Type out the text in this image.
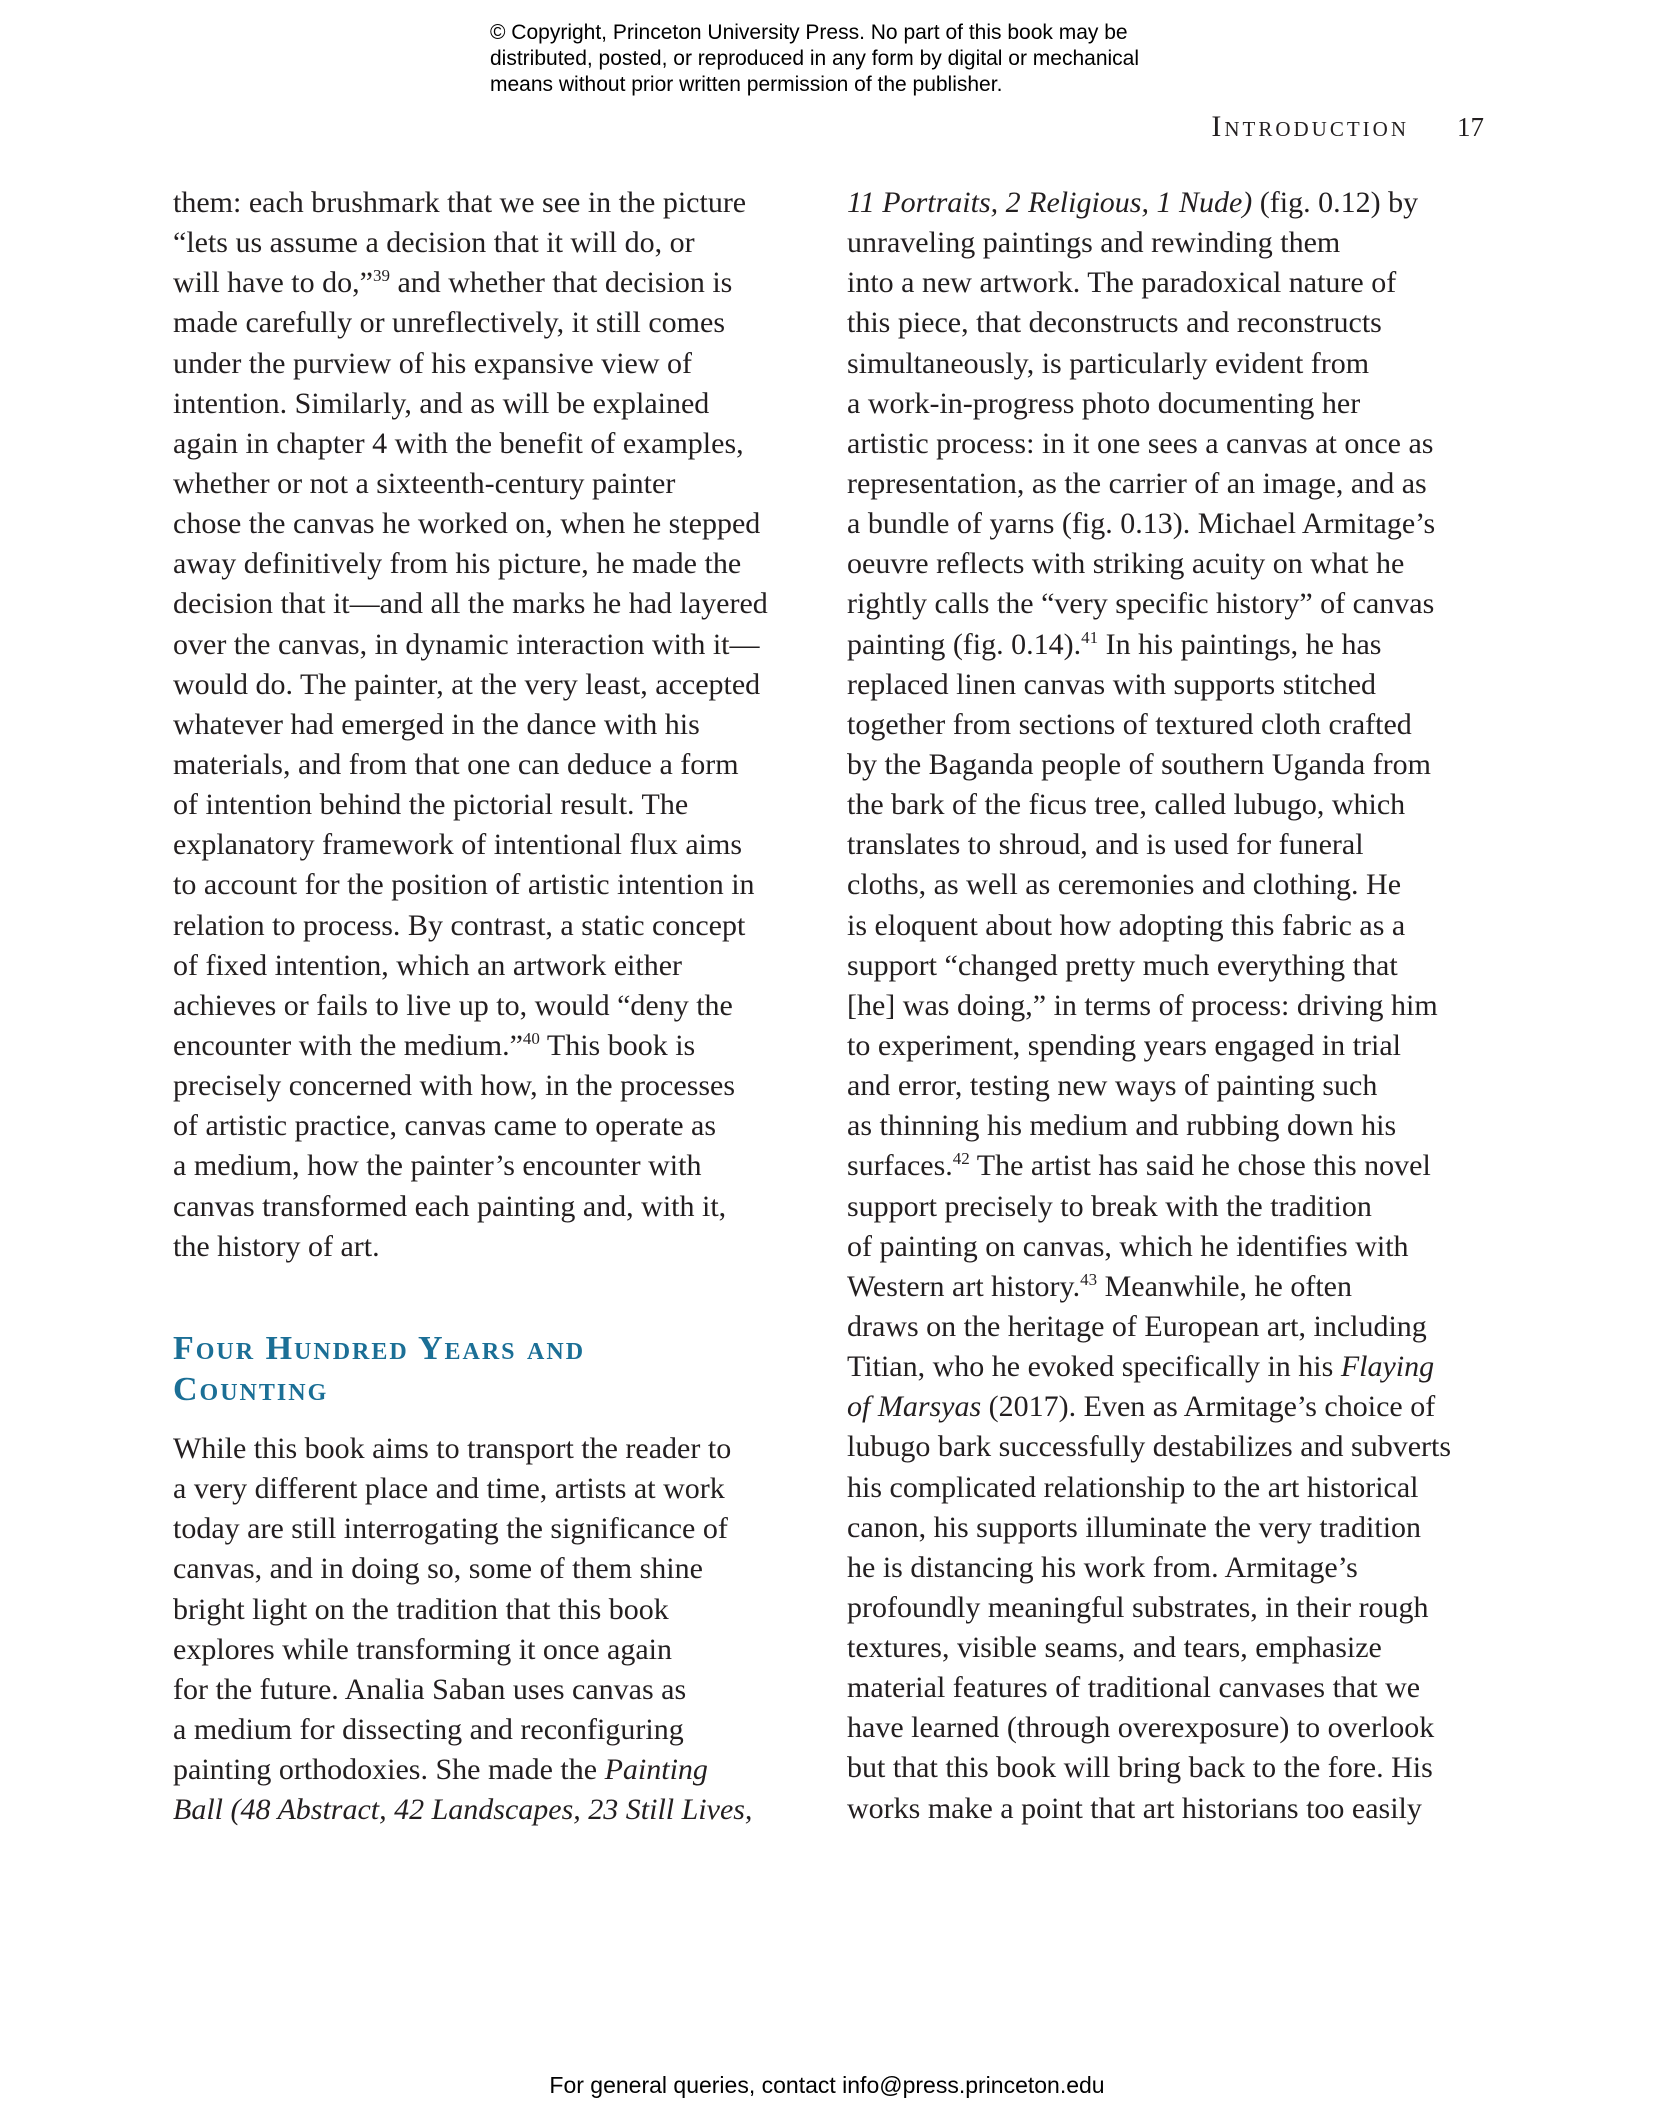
© Copyright, Princeton University Press. No part of this book may be
distributed, posted, or reproduced in any form by digital or mechanical
means without prior written permission of the publisher.
Introduction 17
them: each brushmark that we see in the picture
“lets us assume a decision that it will do, or
will have to do,”$^{39}$ and whether that decision is
made carefully or unreflectively, it still comes
under the purview of his expansive view of
intention. Similarly, and as will be explained
again in chapter 4 with the benefit of examples,
whether or not a sixteenth-century painter
chose the canvas he worked on, when he stepped
away definitively from his picture, he made the
decision that it—and all the marks he had layered
over the canvas, in dynamic interaction with it—
would do. The painter, at the very least, accepted
whatever had emerged in the dance with his
materials, and from that one can deduce a form
of intention behind the pictorial result. The
explanatory framework of intentional flux aims
to account for the position of artistic intention in
relation to process. By contrast, a static concept
of fixed intention, which an artwork either
achieves or fails to live up to, would “deny the
encounter with the medium.”$^{40}$ This book is
precisely concerned with how, in the processes
of artistic practice, canvas came to operate as
a medium, how the painter’s encounter with
canvas transformed each painting and, with it,
the history of art.
Four Hundred Years and
Counting
While this book aims to transport the reader to
a very different place and time, artists at work
today are still interrogating the significance of
canvas, and in doing so, some of them shine
bright light on the tradition that this book
explores while transforming it once again
for the future. Analia Saban uses canvas as
a medium for dissecting and reconfiguring
painting orthodoxies. She made the Painting
Ball (48 Abstract, 42 Landscapes, 23 Still Lives,
11 Portraits, 2 Religious, 1 Nude) (fig. 0.12) by
unraveling paintings and rewinding them
into a new artwork. The paradoxical nature of
this piece, that deconstructs and reconstructs
simultaneously, is particularly evident from
a work-in-progress photo documenting her
artistic process: in it one sees a canvas at once as
representation, as the carrier of an image, and as
a bundle of yarns (fig. 0.13). Michael Armitage’s
oeuvre reflects with striking acuity on what he
rightly calls the “very specific history” of canvas
painting (fig. 0.14).$^{41}$ In his paintings, he has
replaced linen canvas with supports stitched
together from sections of textured cloth crafted
by the Baganda people of southern Uganda from
the bark of the ficus tree, called lubugo, which
translates to shroud, and is used for funeral
cloths, as well as ceremonies and clothing. He
is eloquent about how adopting this fabric as a
support “changed pretty much everything that
[he] was doing,” in terms of process: driving him
to experiment, spending years engaged in trial
and error, testing new ways of painting such
as thinning his medium and rubbing down his
surfaces.$^{42}$ The artist has said he chose this novel
support precisely to break with the tradition
of painting on canvas, which he identifies with
Western art history.$^{43}$ Meanwhile, he often
draws on the heritage of European art, including
Titian, who he evoked specifically in his Flaying
of Marsyas (2017). Even as Armitage’s choice of
lubugo bark successfully destabilizes and subverts
his complicated relationship to the art historical
canon, his supports illuminate the very tradition
he is distancing his work from. Armitage’s
profoundly meaningful substrates, in their rough
textures, visible seams, and tears, emphasize
material features of traditional canvases that we
have learned (through overexposure) to overlook
but that this book will bring back to the fore. His
works make a point that art historians too easily
For general queries, contact info@press.princeton.edu
